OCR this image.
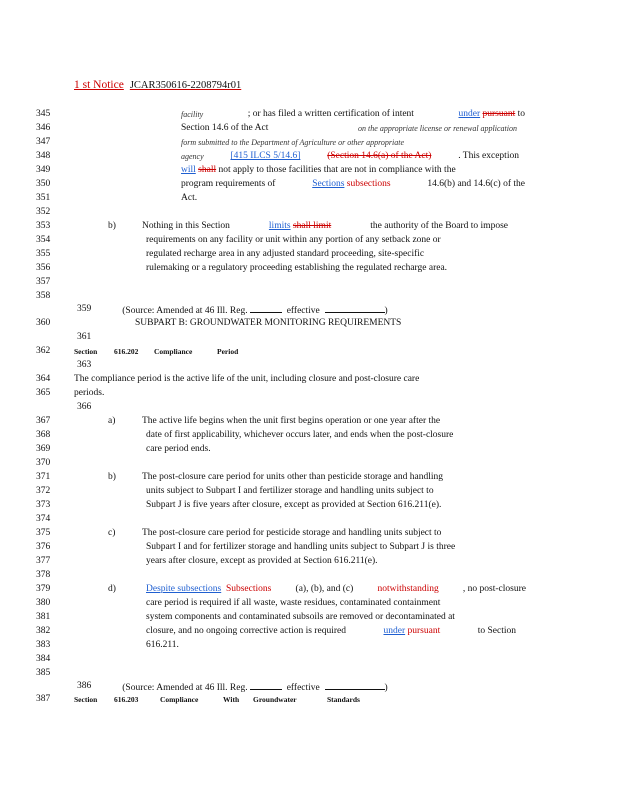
1 st Notice JCAR350616-2208794r01
345	facility	; or has filed a written certification of intent	under pursuant to
346	Section 14.6 of the Act	on the appropriate license or renewal application
347	form submitted to the Department of Agriculture or other appropriate
348	agency	[415 ILCS 5/14.6]	(Section 14.6(a) of the Act)	. This exception
349	will shall not apply to those facilities that are not in compliance with the
350	program requirements of	Sections subsections	14.6(b) and 14.6(c) of the
351	Act.
352
353	b)	Nothing in this Section	limits shall limit	the authority of the Board to impose
354	requirements on any facility or unit within any portion of any setback zone or
355	regulated recharge area in any adjusted standard proceeding, site-specific
356	rulemaking or a regulatory proceeding establishing the regulated recharge area.
357
358

(Source: Amended at 46 Ill. Reg.	effective	)

359
360	SUBPART B: GROUNDWATER MONITORING REQUIREMENTS
361
362	Section	616.202	Compliance	Period
363
364	The compliance period is the active life of the unit, including closure and post-closure care
365	periods.
366
367	a)	The active life begins when the unit first begins operation or one year after the
368	date of first applicability, whichever occurs later, and ends when the post-closure
369	care period ends.
370
371	b)	The post-closure care period for units other than pesticide storage and handling
372	units subject to Subpart I and fertilizer storage and handling units subject to
373	Subpart J is five years after closure, except as provided at Section 616.211(e).
374
375	c)	The post-closure care period for pesticide storage and handling units subject to
376	Subpart I and for fertilizer storage and handling units subject to Subpart J is three
377	years after closure, except as provided at Section 616.211(e).
378
379	d)	Despite subsections Subsections	(a), (b), and (c)	notwithstanding	, no post-closure
380	care period is required if all waste, waste residues, contaminated containment
381	system components and contaminated subsoils are removed or decontaminated at
382	closure, and no ongoing corrective action is required	under pursuant	to Section
383	616.211.
384
385

(Source: Amended at 46 Ill. Reg.	effective	)

386
387	Section	616.203	Compliance	With	Groundwater	Standards
